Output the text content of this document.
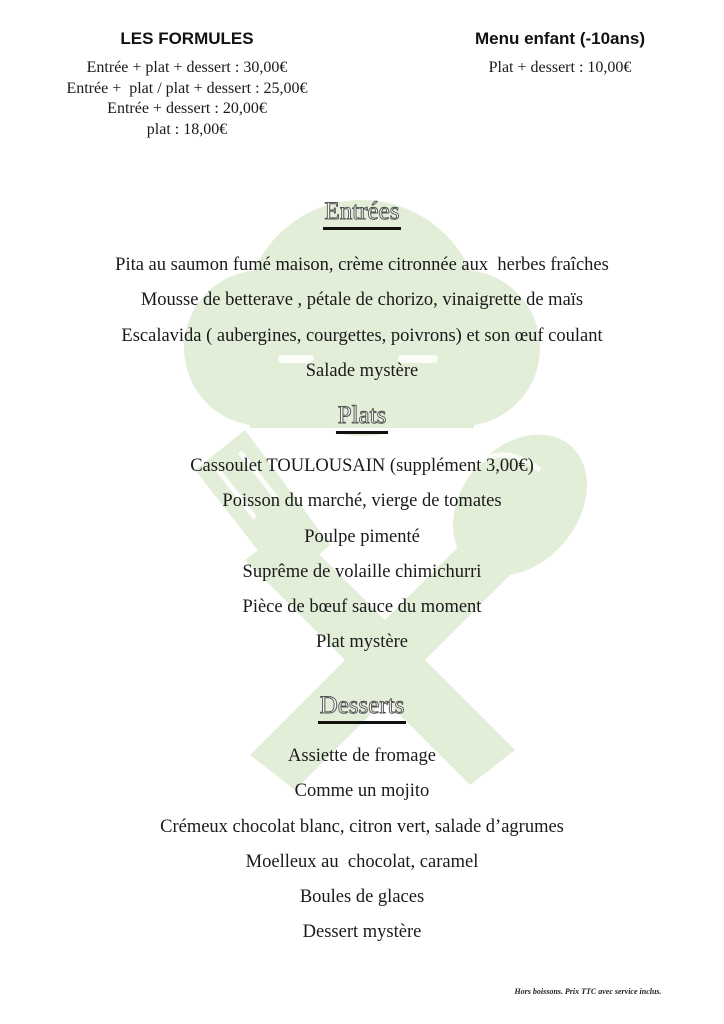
LES FORMULES

Entrée + plat + dessert : 30,00€

Entrée +  plat / plat + dessert : 25,00€

Entrée + dessert : 20,00€

plat : 18,00€

Menu enfant (-10ans)

Plat + dessert : 10,00€

Entrées

Pita au saumon fumé maison, crème citronnée aux  herbes fraîches

Mousse de betterave , pétale de chorizo, vinaigrette de maïs

Escalavida ( aubergines, courgettes, poivrons) et son œuf coulant

Salade mystère

Plats

Cassoulet TOULOUSAIN (supplément 3,00€)

Poisson du marché, vierge de tomates

Poulpe pimenté

Suprême de volaille chimichurri

Pièce de bœuf sauce du moment

Plat mystère

Desserts

Assiette de fromage

Comme un mojito

Crémeux chocolat blanc, citron vert, salade d’agrumes

Moelleux au  chocolat, caramel

Boules de glaces

Dessert mystère

Hors boissons. Prix TTC avec service inclus.
